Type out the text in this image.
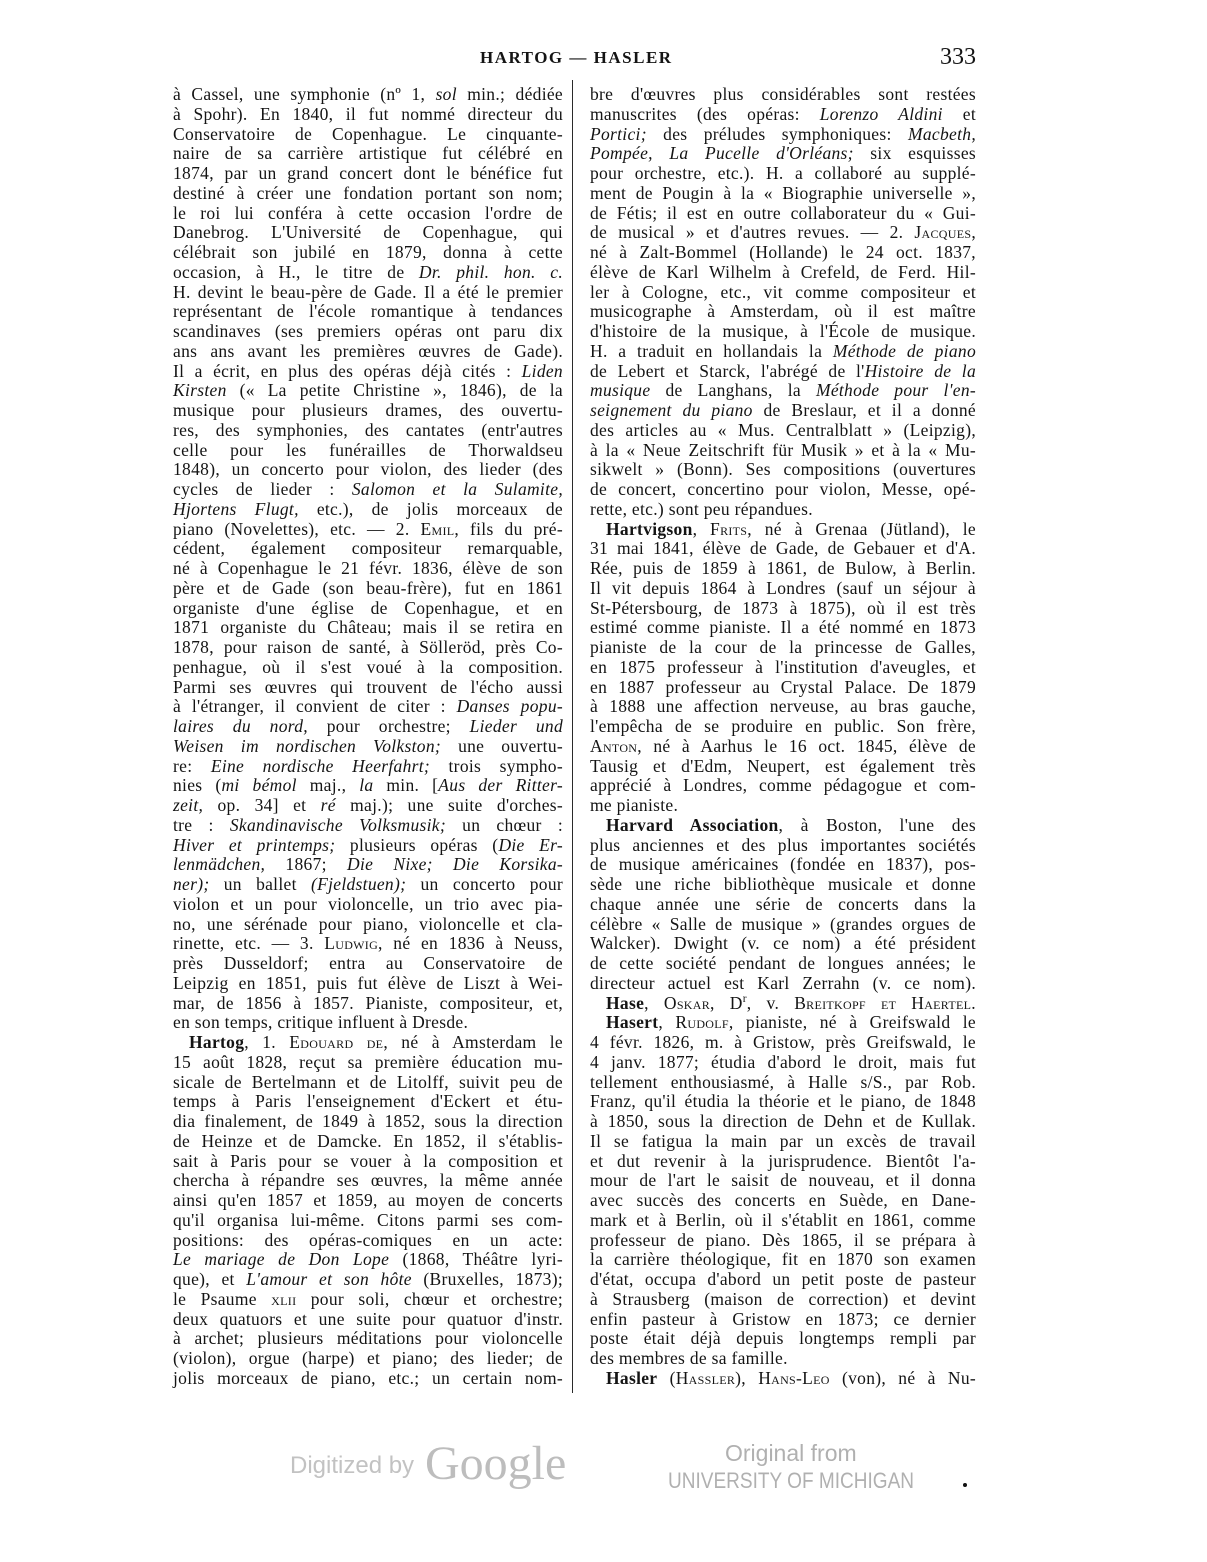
HARTOG — HASLER	333
à Cassel, une symphonie (nº 1, sol min.; dédiée
à Spohr). En 1840, il fut nommé directeur du
Conservatoire de Copenhague. Le cinquante-
naire de sa carrière artistique fut célébré en
1874, par un grand concert dont le bénéfice fut
destiné à créer une fondation portant son nom;
le roi lui conféra à cette occasion l'ordre de
Danebrog. L'Université de Copenhague, qui
célébrait son jubilé en 1879, donna à cette
occasion, à H., le titre de Dr. phil. hon. c.
H. devint le beau-père de Gade. Il a été le premier
représentant de l'école romantique à tendances
scandinaves (ses premiers opéras ont paru dix
ans ans avant les premières œuvres de Gade).
Il a écrit, en plus des opéras déjà cités : Liden
Kirsten (« La petite Christine », 1846), de la
musique pour plusieurs drames, des ouvertu-
res, des symphonies, des cantates (entr'autres
celle pour les funérailles de Thorwaldseu
1848), un concerto pour violon, des lieder (des
cycles de lieder : Salomon et la Sulamite,
Hjortens Flugt, etc.), de jolis morceaux de
piano (Novelettes), etc. — 2. Emil, fils du pré-
cédent, également compositeur remarquable,
né à Copenhague le 21 févr. 1836, élève de son
père et de Gade (son beau-frère), fut en 1861
organiste d'une église de Copenhague, et en
1871 organiste du Château; mais il se retira en
1878, pour raison de santé, à Sölleröd, près Co-
penhague, où il s'est voué à la composition.
Parmi ses œuvres qui trouvent de l'écho aussi
à l'étranger, il convient de citer : Danses popu-
laires du nord, pour orchestre; Lieder und
Weisen im nordischen Volkston; une ouvertu-
re: Eine nordische Heerfahrt; trois sympho-
nies (mi bémol maj., la min. [Aus der Ritter-
zeit, op. 34] et ré maj.); une suite d'orches-
tre : Skandinavische Volksmusik; un chœur :
Hiver et printemps; plusieurs opéras (Die Er-
lenmädchen, 1867; Die Nixe; Die Korsika-
ner); un ballet (Fjeldstuen); un concerto pour
violon et un pour violoncelle, un trio avec pia-
no, une sérénade pour piano, violoncelle et cla-
rinette, etc. — 3. Ludwig, né en 1836 à Neuss,
près Dusseldorf; entra au Conservatoire de
Leipzig en 1851, puis fut élève de Liszt à Wei-
mar, de 1856 à 1857. Pianiste, compositeur, et,
en son temps, critique influent à Dresde.
Hartog, 1. Edouard de, né à Amsterdam le
15 août 1828, reçut sa première éducation mu-
sicale de Bertelmann et de Litolff, suivit peu de
temps à Paris l'enseignement d'Eckert et étu-
dia finalement, de 1849 à 1852, sous la direction
de Heinze et de Damcke. En 1852, il s'établis-
sait à Paris pour se vouer à la composition et
chercha à répandre ses œuvres, la même année
ainsi qu'en 1857 et 1859, au moyen de concerts
qu'il organisa lui-même. Citons parmi ses com-
positions: des opéras-comiques en un acte:
Le mariage de Don Lope (1868, Théâtre lyri-
que), et L'amour et son hôte (Bruxelles, 1873);
le Psaume xlii pour soli, chœur et orchestre;
deux quatuors et une suite pour quatuor d'instr.
à archet; plusieurs méditations pour violoncelle
(violon), orgue (harpe) et piano; des lieder; de
jolis morceaux de piano, etc.; un certain nom-
bre d'œuvres plus considérables sont restées
manuscrites (des opéras: Lorenzo Aldini et
Portici; des préludes symphoniques: Macbeth,
Pompée, La Pucelle d'Orléans; six esquisses
pour orchestre, etc.). H. a collaboré au supplé-
ment de Pougin à la « Biographie universelle »,
de Fétis; il est en outre collaborateur du « Gui-
de musical » et d'autres revues. — 2. Jacques,
né à Zalt-Bommel (Hollande) le 24 oct. 1837,
élève de Karl Wilhelm à Crefeld, de Ferd. Hil-
ler à Cologne, etc., vit comme compositeur et
musicographe à Amsterdam, où il est maître
d'histoire de la musique, à l'École de musique.
H. a traduit en hollandais la Méthode de piano
de Lebert et Starck, l'abrégé de l'Histoire de la
musique de Langhans, la Méthode pour l'en-
seignement du piano de Breslaur, et il a donné
des articles au « Mus. Centralblatt » (Leipzig),
à la « Neue Zeitschrift für Musik » et à la « Mu-
sikwelt » (Bonn). Ses compositions (ouvertures
de concert, concertino pour violon, Messe, opé-
rette, etc.) sont peu répandues.
Hartvigson, Frits, né à Grenaa (Jütland), le
31 mai 1841, élève de Gade, de Gebauer et d'A.
Rée, puis de 1859 à 1861, de Bulow, à Berlin.
Il vit depuis 1864 à Londres (sauf un séjour à
St-Pétersbourg, de 1873 à 1875), où il est très
estimé comme pianiste. Il a été nommé en 1873
pianiste de la cour de la princesse de Galles,
en 1875 professeur à l'institution d'aveugles, et
en 1887 professeur au Crystal Palace. De 1879
à 1888 une affection nerveuse, au bras gauche,
l'empêcha de se produire en public. Son frère,
Anton, né à Aarhus le 16 oct. 1845, élève de
Tausig et d'Edm, Neupert, est également très
apprécié à Londres, comme pédagogue et com-
me pianiste.
Harvard Association, à Boston, l'une des
plus anciennes et des plus importantes sociétés
de musique américaines (fondée en 1837), pos-
sède une riche bibliothèque musicale et donne
chaque année une série de concerts dans la
célèbre « Salle de musique » (grandes orgues de
Walcker). Dwight (v. ce nom) a été président
de cette société pendant de longues années; le
directeur actuel est Karl Zerrahn (v. ce nom).
Hase, Oskar, $D^r$, v. Breitkopf et Haertel.
Hasert, Rudolf, pianiste, né à Greifswald le
4 févr. 1826, m. à Gristow, près Greifswald, le
4 janv. 1877; étudia d'abord le droit, mais fut
tellement enthousiasmé, à Halle s/S., par Rob.
Franz, qu'il étudia la théorie et le piano, de 1848
à 1850, sous la direction de Dehn et de Kullak.
Il se fatigua la main par un excès de travail
et dut revenir à la jurisprudence. Bientôt l'a-
mour de l'art le saisit de nouveau, et il donna
avec succès des concerts en Suède, en Dane-
mark et à Berlin, où il s'établit en 1861, comme
professeur de piano. Dès 1865, il se prépara à
la carrière théologique, fit en 1870 son examen
d'état, occupa d'abord un petit poste de pasteur
à Strausberg (maison de correction) et devint
enfin pasteur à Gristow en 1873; ce dernier
poste était déjà depuis longtemps rempli par
des membres de sa famille.
Hasler (Hassler), Hans-Leo (von), né à Nu-
Digitized by Google	Original from
UNIVERSITY OF MICHIGAN
